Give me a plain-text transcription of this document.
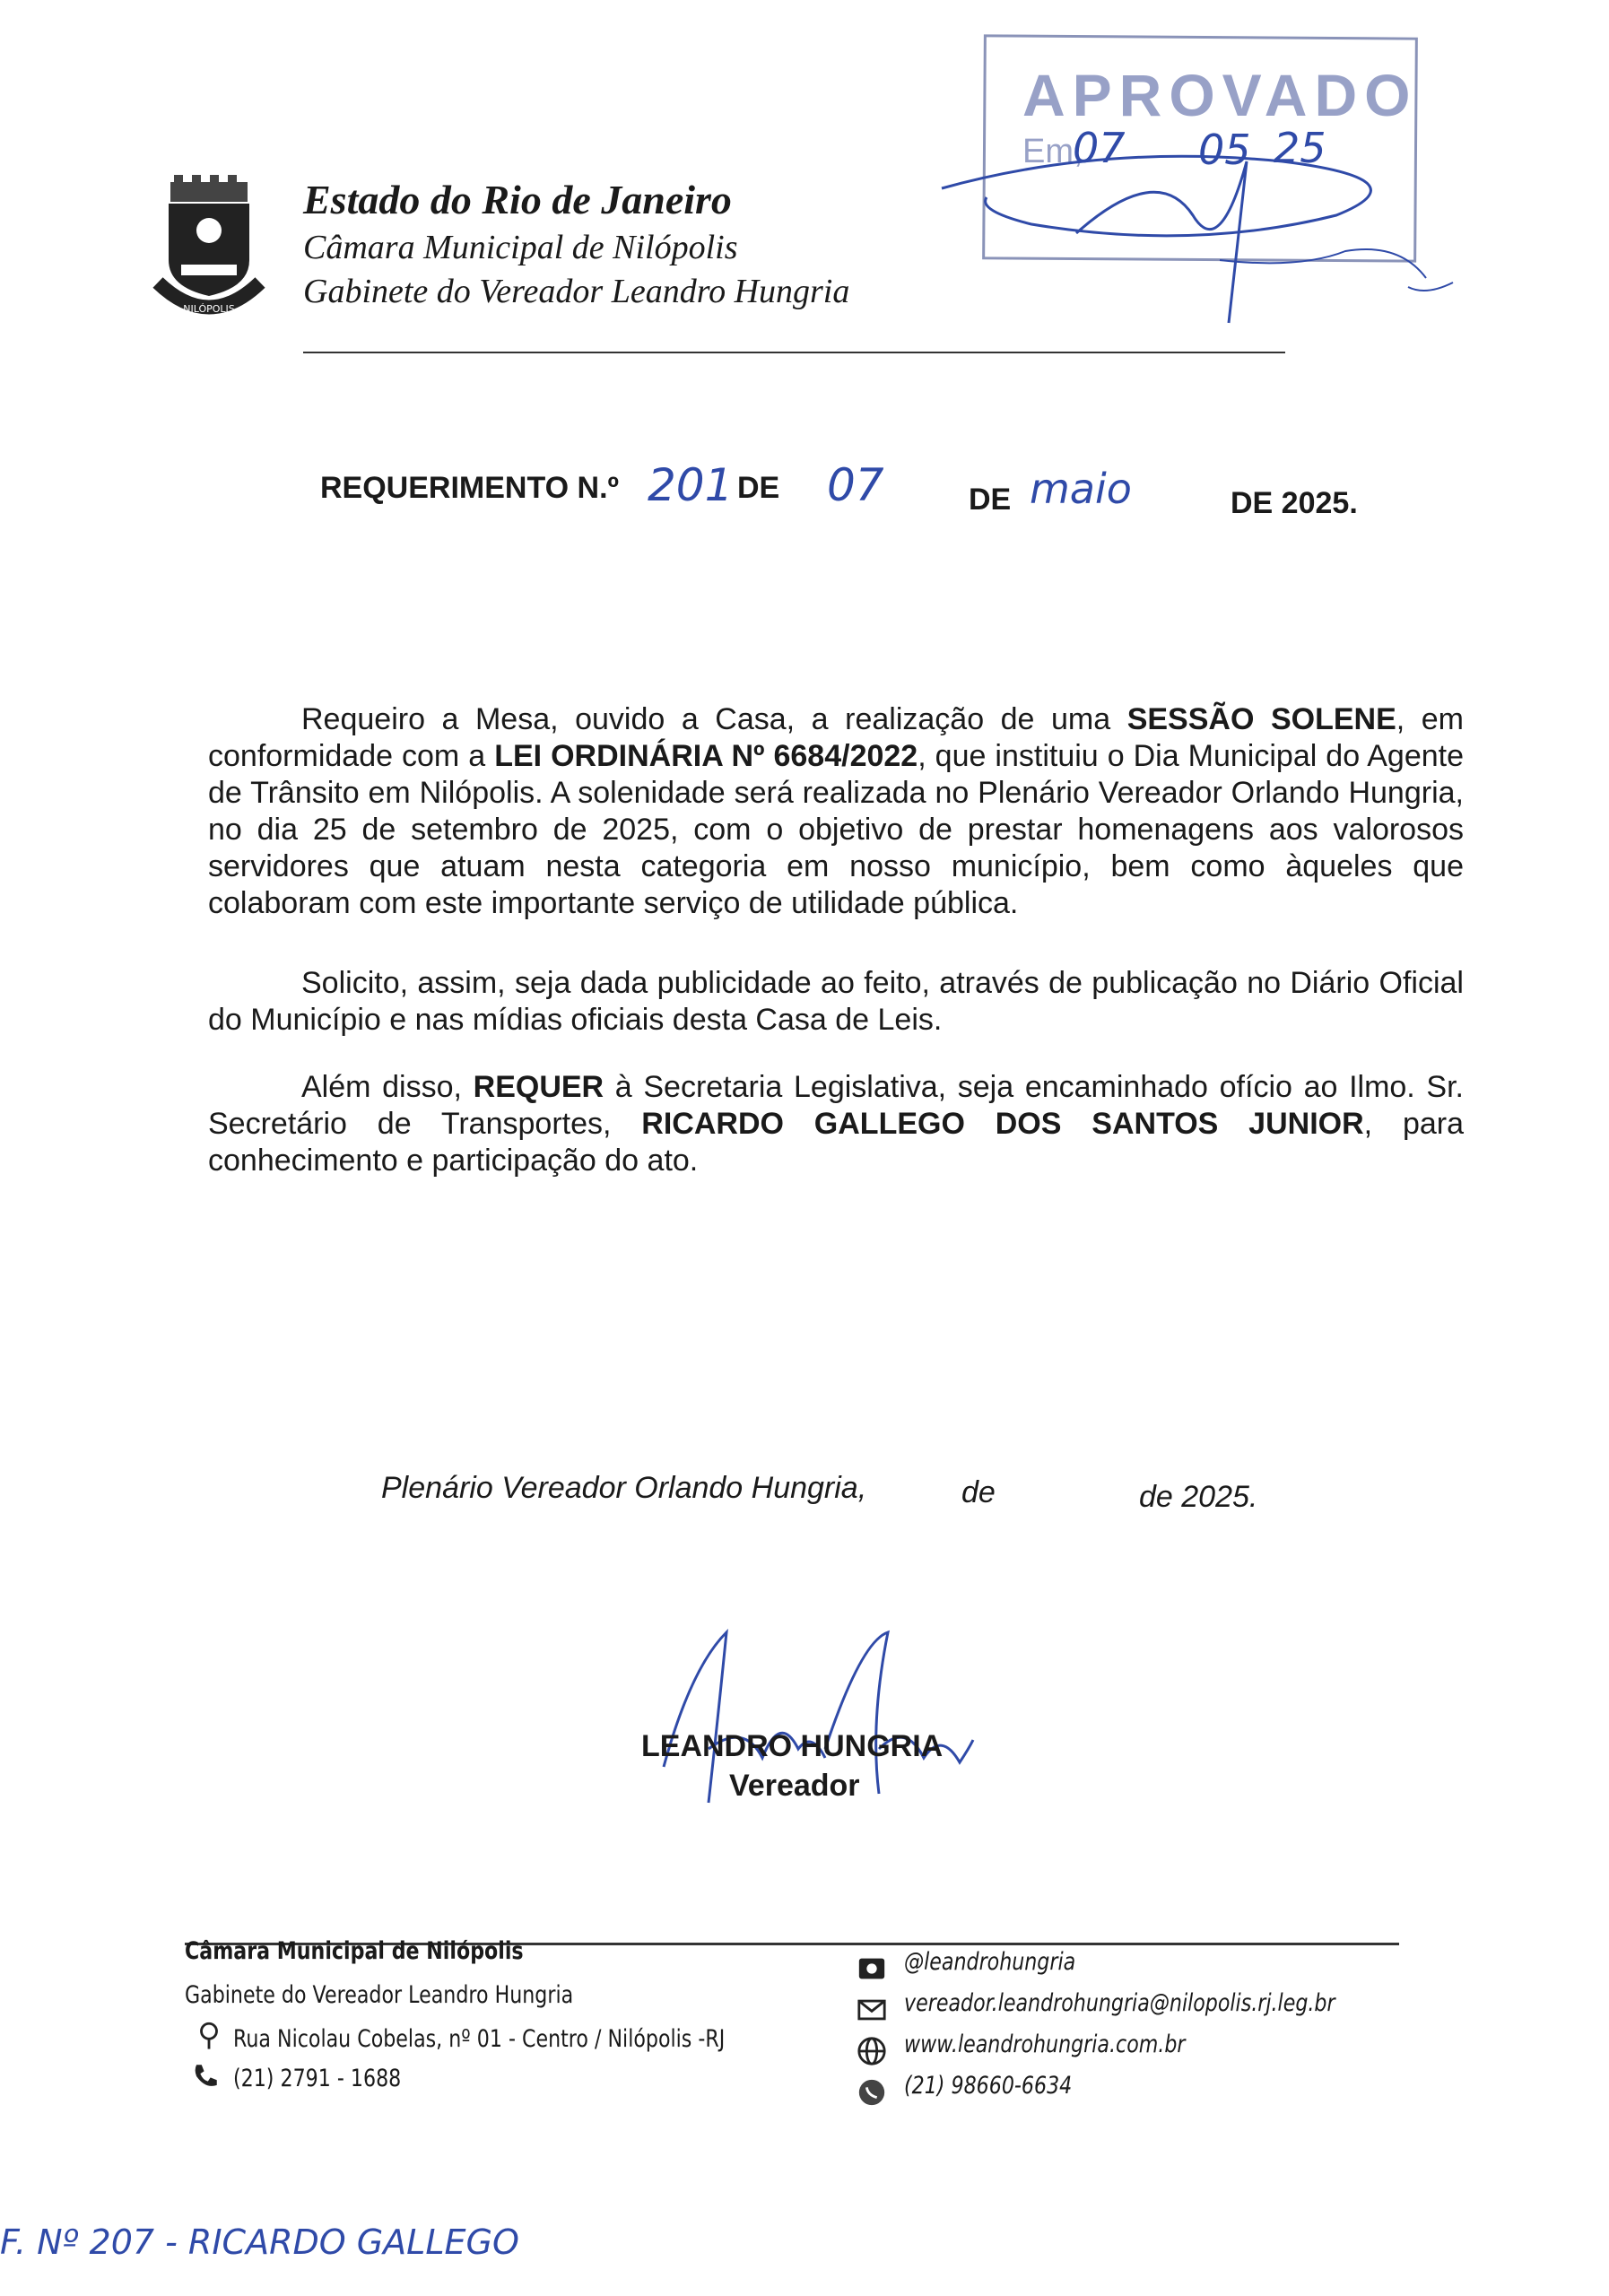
NILÓPOLIS
Estado do Rio de Janeiro
Câmara Municipal de Nilópolis
Gabinete do Vereador Leandro Hungria
APROVADO
Em,
07 05 25
REQUERIMENTO N.º 201 DE 07	DE maio	DE 2025.
Requeiro a Mesa, ouvido a Casa, a realização de uma SESSÃO SOLENE, em conformidade com a LEI ORDINÁRIA Nº 6684/2022, que instituiu o Dia Municipal do Agente de Trânsito em Nilópolis. A solenidade será realizada no Plenário Vereador Orlando Hungria, no dia 25 de setembro de 2025, com o objetivo de prestar homenagens aos valorosos servidores que atuam nesta categoria em nosso município, bem como àqueles que colaboram com este importante serviço de utilidade pública.
Solicito, assim, seja dada publicidade ao feito, através de publicação no Diário Oficial do Município e nas mídias oficiais desta Casa de Leis.
Além disso, REQUER à Secretaria Legislativa, seja encaminhado ofício ao Ilmo. Sr. Secretário de Transportes, RICARDO GALLEGO DOS SANTOS JUNIOR, para conhecimento e participação do ato.
Plenário Vereador Orlando Hungria,	de	de 2025.
LEANDRO HUNGRIA
Vereador
Câmara Municipal de Nilópolis
Gabinete do Vereador Leandro Hungria
Rua Nicolau Cobelas, nº 01 - Centro / Nilópolis -RJ
(21) 2791 - 1688
@leandrohungria
vereador.leandrohungria@nilopolis.rj.leg.br
www.leandrohungria.com.br
(21) 98660-6634
F. Nº 207 - RICARDO GALLEGO
